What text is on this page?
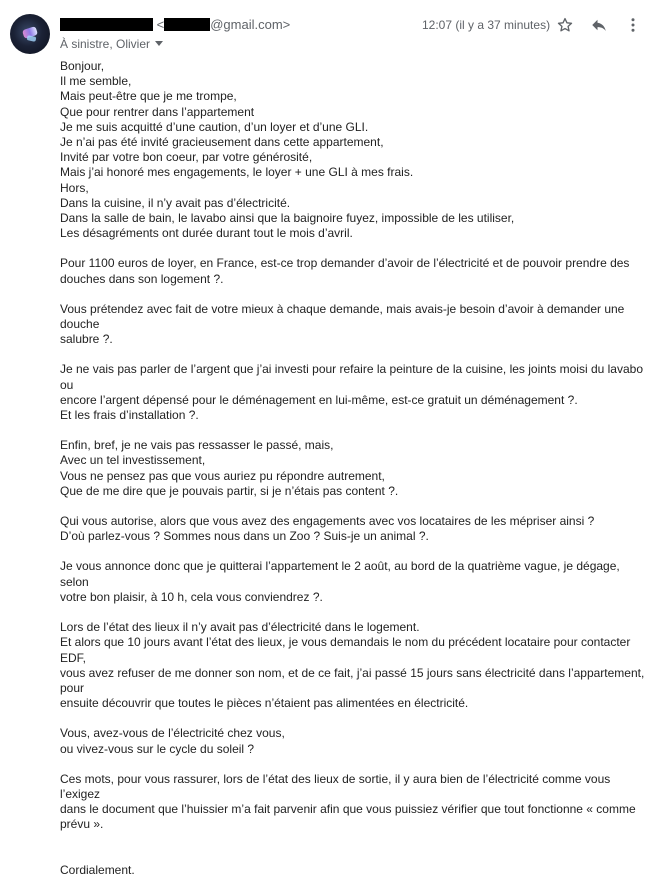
<	@gmail.com>
À sinistre, Olivier
12:07 (il y a 37 minutes)

Bonjour,

Il me semble,

Mais peut-être que je me trompe,

Que pour rentrer dans l’appartement

Je me suis acquitté d’une caution, d’un loyer et d’une GLI.

Je n’ai pas été invité gracieusement dans cette appartement,

Invité par votre bon coeur, par votre générosité,

Mais j’ai honoré mes engagements, le loyer + une GLI à mes frais.

Hors,

Dans la cuisine, il n’y avait pas d’électricité.

Dans la salle de bain, le lavabo ainsi que la baignoire fuyez, impossible de les utiliser,

Les désagréments ont durée durant tout le mois d’avril.

Pour 1100 euros de loyer, en France, est-ce trop demander d’avoir de l’électricité et de pouvoir prendre des

douches dans son logement ?.

Vous prétendez avec fait de votre mieux à chaque demande, mais avais-je besoin d’avoir à demander une douche

salubre ?.

Je ne vais pas parler de l’argent que j’ai investi pour refaire la peinture de la cuisine, les joints moisi du lavabo ou

encore l’argent dépensé pour le déménagement en lui-même, est-ce gratuit un déménagement ?.

Et les frais d’installation ?.

Enfin, bref, je ne vais pas ressasser le passé, mais,

Avec un tel investissement,

Vous ne pensez pas que vous auriez pu répondre autrement,

Que de me dire que je pouvais partir, si je n’étais pas content ?.

Qui vous autorise, alors que vous avez des engagements avec vos locataires de les mépriser ainsi ?

D’où parlez-vous ? Sommes nous dans un Zoo ? Suis-je un animal ?.

Je vous annonce donc que je quitterai l’appartement le 2 août, au bord de la quatrième vague, je dégage, selon

votre bon plaisir, à 10 h, cela vous conviendrez ?.

Lors de l’état des lieux il n’y avait pas d’électricité dans le logement.

Et alors que 10 jours avant l’état des lieux, je vous demandais le nom du précédent locataire pour contacter EDF,

vous avez refuser de me donner son nom, et de ce fait, j’ai passé 15 jours sans électricité dans l’appartement, pour

ensuite découvrir que toutes le pièces n’étaient pas alimentées en électricité.

Vous, avez-vous de l’électricité chez vous,

ou vivez-vous sur le cycle du soleil ?

Ces mots, pour vous rassurer, lors de l’état des lieux de sortie, il y aura bien de l’électricité comme vous l’exigez

dans le document que l’huissier m’a fait parvenir afin que vous puissiez vérifier que tout fonctionne « comme

prévu ».

Cordialement.
